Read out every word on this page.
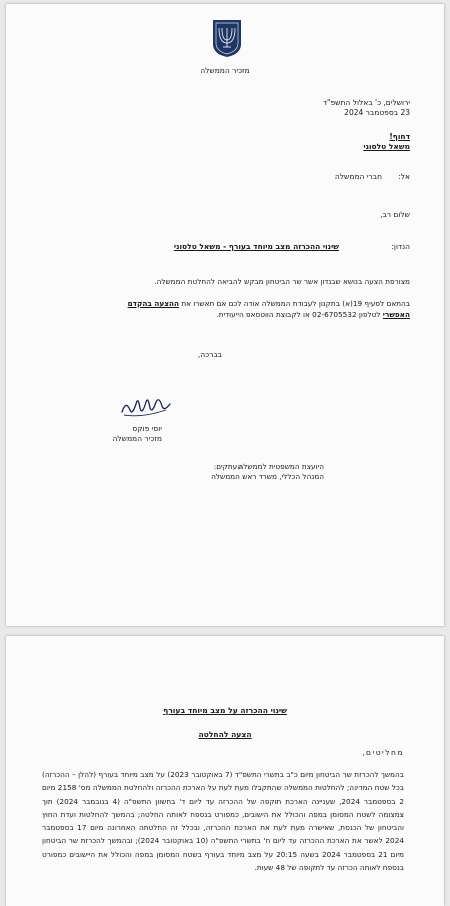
מזכיר הממשלה
ירושלים, כ' באלול התשפ"ד
23 בספטמבר 2024
דחוף!
משאל טלסוני
אל:
חברי הממשלה
שלום רב,
הנדון: שינוי ההכרזה מצב מיוחד בעורף - משאל טלסוני
מצורפת הצעה בנושא שבנדון אשר שר הביטחון מבקש להביאה להחלטת הממשלה.
בהתאם לסעיף 19(א) בתקנון לעבודת הממשלה אודה לכם אם תאשרו את ההצעה בהקדם
האפשרי לטלפון 02-6705532 או לקבוצת הווטסאפ הייעודית.
בברכה,
יוסי פוקס
מזכיר הממשלה
העתקים:
היועצת המשפטית לממשלה
המנהל הכללי, משרד ראש הממשלה
שינוי ההכרזה על מצב מיוחד בעורף
הצעה להחלטה
מחליטים,
בהמשך להכרזת שר הביטחון מיום כ"ב בתשרי התשפ"ד (7 באוקטובר 2023) על מצב מיוחד בעורף (להלן – ההכרזה) בכל שטח המדינה; להחלטות הממשלה שהתקבלו מעת לעת על הארכת ההכרזה ולהחלטת הממשלה מס' 2158 מיום 2 בספטמבר 2024, שעניינה הארכת תוקפה של ההכרזה עד ליום ד' בחשוון התשפ"ה (4 בנובמבר 2024) תוך צמצומה לשטח המסומן במפה והכולל את הישובים, כמפורט בנספח לאותה החלטה; בהמשך להחלטות ועדת החוץ והביטחון של הכנסת, שאישרה מעת לעת את הארכת ההכרזה, ובכלל זה החלטתה האחרונה מיום 17 בספטמבר 2024 לאשר את הארכת ההכרזה עד ליום ח' בתשרי התשפ"ה (10 באוקטובר 2024); ובהמשך להכרזת שר הביטחון מיום 21 בספטמבר 2024 בשעה 20:15 על מצב מיוחד בעורף בשטח המסומן במפה והכולל את היישובים כמפורט בנספח לאותה הכרזה עד לתקופה של 48 שעות.
